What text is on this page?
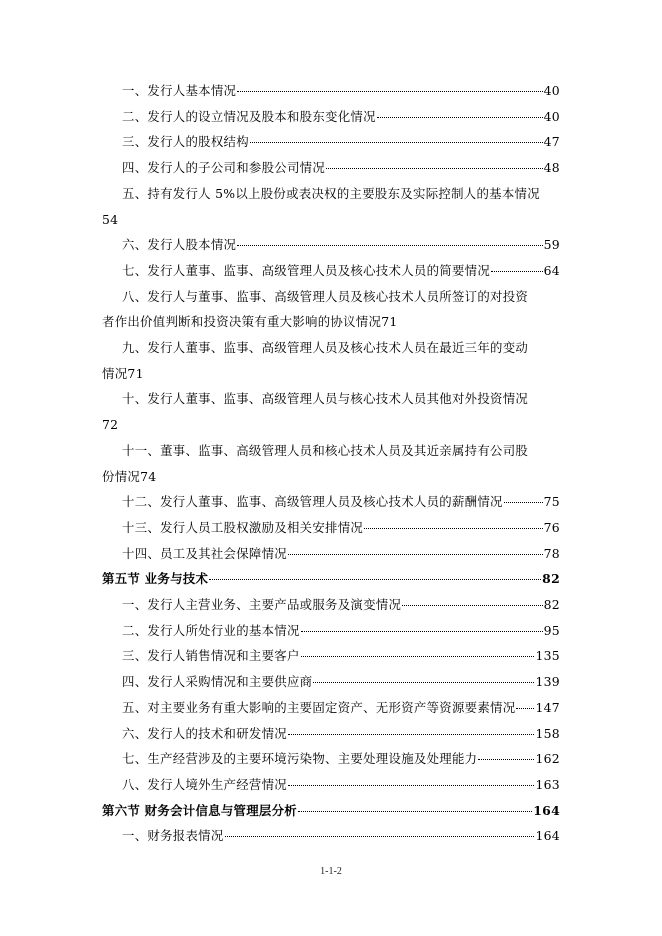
一、发行人基本情况	40
二、发行人的设立情况及股本和股东变化情况	40
三、发行人的股权结构	47
四、发行人的子公司和参股公司情况	48
五、持有发行人 5%以上股份或表决权的主要股东及实际控制人的基本情况
54
六、发行人股本情况	59
七、发行人董事、监事、高级管理人员及核心技术人员的简要情况	64
八、发行人与董事、监事、高级管理人员及核心技术人员所签订的对投资
者作出价值判断和投资决策有重大影响的协议情况 71
九、发行人董事、监事、高级管理人员及核心技术人员在最近三年的变动
情况 71
十、发行人董事、监事、高级管理人员与核心技术人员其他对外投资情况
72
十一、董事、监事、高级管理人员和核心技术人员及其近亲属持有公司股
份情况 74
十二、发行人董事、监事、高级管理人员及核心技术人员的薪酬情况	75
十三、发行人员工股权激励及相关安排情况	76
十四、员工及其社会保障情况	78
第五节 业务与技术	82
一、发行人主营业务、主要产品或服务及演变情况	82
二、发行人所处行业的基本情况	95
三、发行人销售情况和主要客户	135
四、发行人采购情况和主要供应商	139
五、对主要业务有重大影响的主要固定资产、无形资产等资源要素情况 147
六、发行人的技术和研发情况	158
七、生产经营涉及的主要环境污染物、主要处理设施及处理能力	162
八、发行人境外生产经营情况	163
第六节 财务会计信息与管理层分析	164
一、财务报表情况	164
1-1-2
